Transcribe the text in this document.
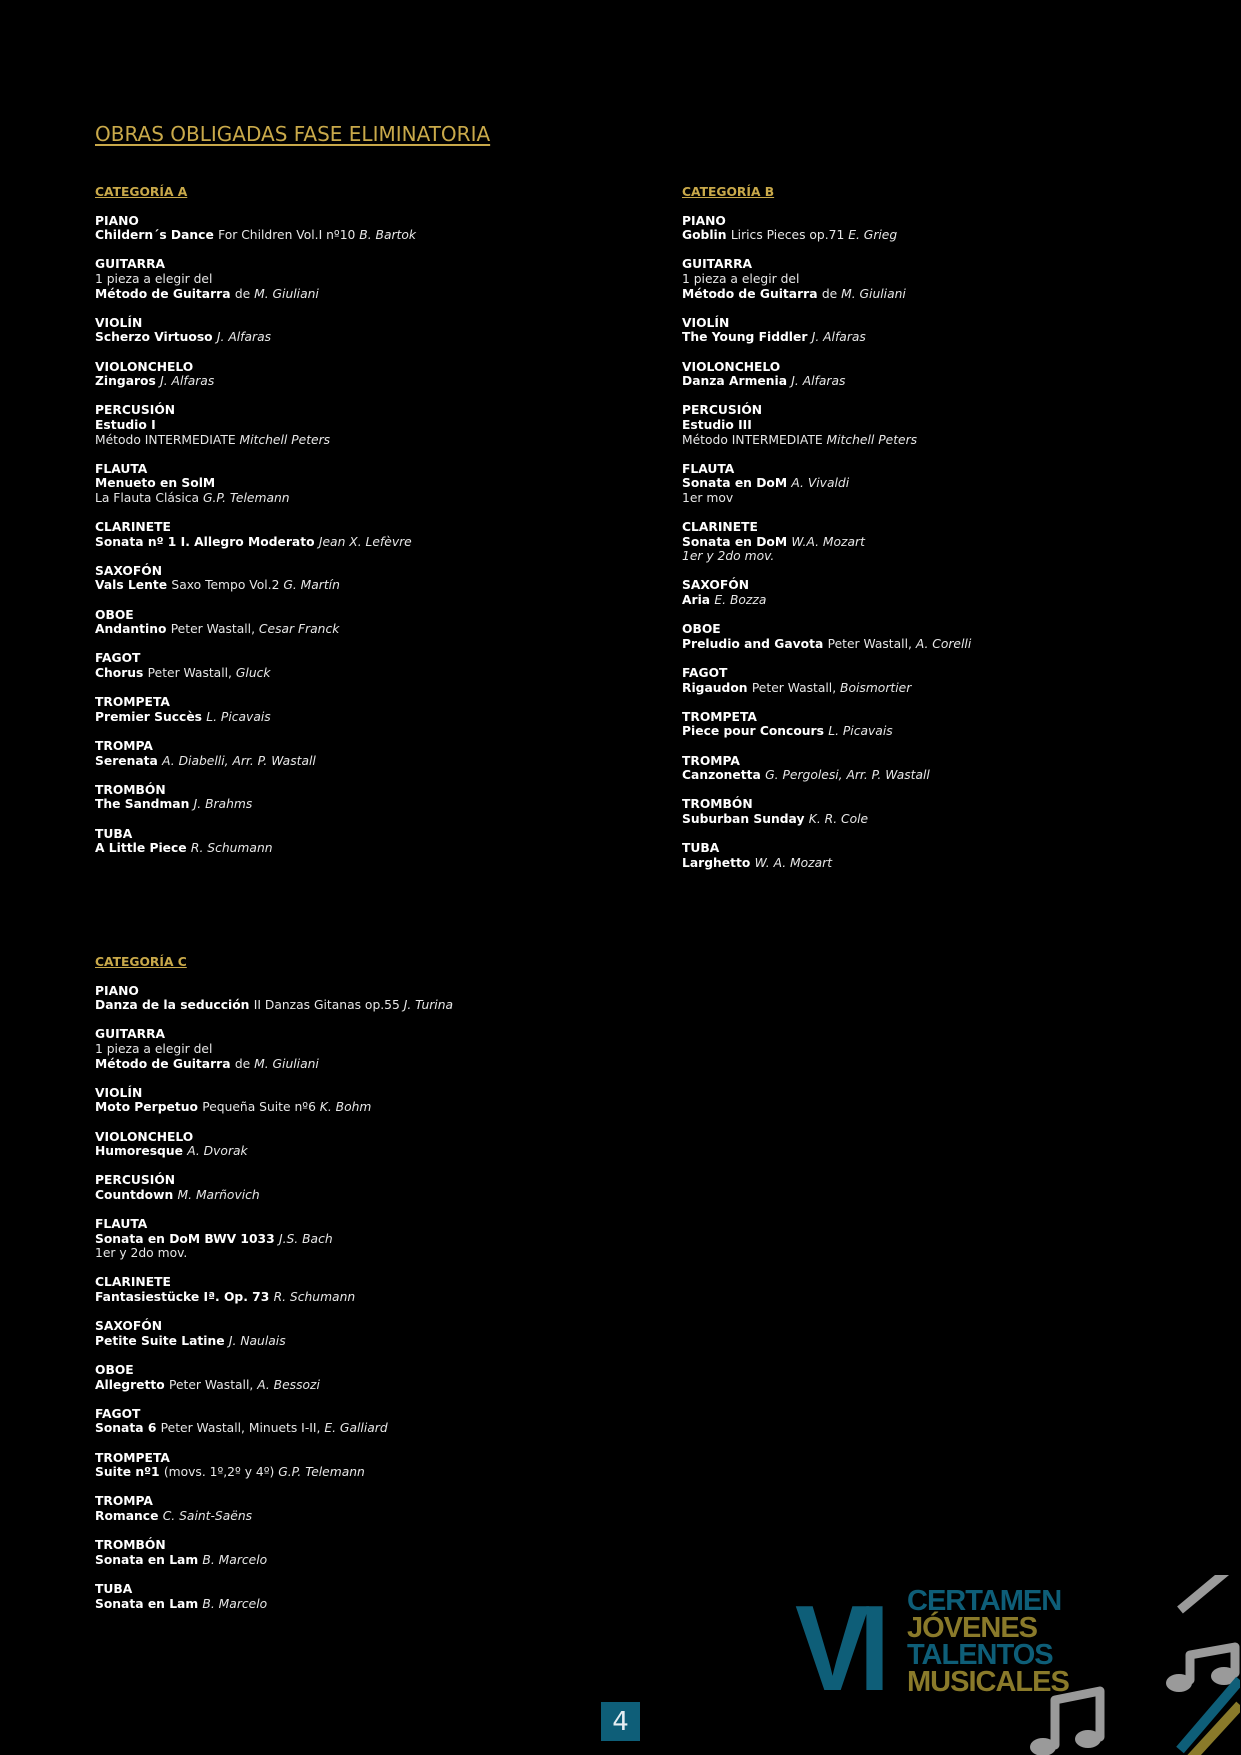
OBRAS OBLIGADAS FASE ELIMINATORIA
CATEGORÍA A
PIANO
Childern´s Dance For Children Vol.I nº10 B. Bartok
GUITARRA
1 pieza a elegir del
Método de Guitarra de M. Giuliani
VIOLÍN
Scherzo Virtuoso J. Alfaras
VIOLONCHELO
Zingaros J. Alfaras
PERCUSIÓN
Estudio I
Método INTERMEDIATE Mitchell Peters
FLAUTA
Menueto en SolM
La Flauta Clásica G.P. Telemann
CLARINETE
Sonata nº 1 I. Allegro Moderato Jean X. Lefèvre
SAXOFÓN
Vals Lente Saxo Tempo Vol.2 G. Martín
OBOE
Andantino Peter Wastall, Cesar Franck
FAGOT
Chorus Peter Wastall, Gluck
TROMPETA
Premier Succès L. Picavais
TROMPA
Serenata A. Diabelli, Arr. P. Wastall
TROMBÓN
The Sandman J. Brahms
TUBA
A Little Piece R. Schumann
CATEGORÍA B
PIANO
Goblin Lirics Pieces op.71 E. Grieg
GUITARRA
1 pieza a elegir del
Método de Guitarra de M. Giuliani
VIOLÍN
The Young Fiddler J. Alfaras
VIOLONCHELO
Danza Armenia J. Alfaras
PERCUSIÓN
Estudio III
Método INTERMEDIATE Mitchell Peters
FLAUTA
Sonata en DoM A. Vivaldi
1er mov
CLARINETE
Sonata en DoM W.A. Mozart
1er y 2do mov.
SAXOFÓN
Aria E. Bozza
OBOE
Preludio and Gavota Peter Wastall, A. Corelli
FAGOT
Rigaudon Peter Wastall, Boismortier
TROMPETA
Piece pour Concours L. Picavais
TROMPA
Canzonetta G. Pergolesi, Arr. P. Wastall
TROMBÓN
Suburban Sunday K. R. Cole
TUBA
Larghetto W. A. Mozart
CATEGORÍA C
PIANO
Danza de la seducción II Danzas Gitanas op.55 J. Turina
GUITARRA
1 pieza a elegir del
Método de Guitarra de M. Giuliani
VIOLÍN
Moto Perpetuo Pequeña Suite nº6 K. Bohm
VIOLONCHELO
Humoresque A. Dvorak
PERCUSIÓN
Countdown M. Marñovich
FLAUTA
Sonata en DoM BWV 1033 J.S. Bach
1er y 2do mov.
CLARINETE
Fantasiestücke Iª. Op. 73 R. Schumann
SAXOFÓN
Petite Suite Latine J. Naulais
OBOE
Allegretto Peter Wastall, A. Bessozi
FAGOT
Sonata 6 Peter Wastall, Minuets I-II, E. Galliard
TROMPETA
Suite nº1 (movs. 1º,2º y 4º) G.P. Telemann
TROMPA
Romance C. Saint-Saëns
TROMBÓN
Sonata en Lam B. Marcelo
TUBA
Sonata en Lam B. Marcelo	VI CERTAMEN
JÓVENES
TALENTOS
MUSICALES
4
